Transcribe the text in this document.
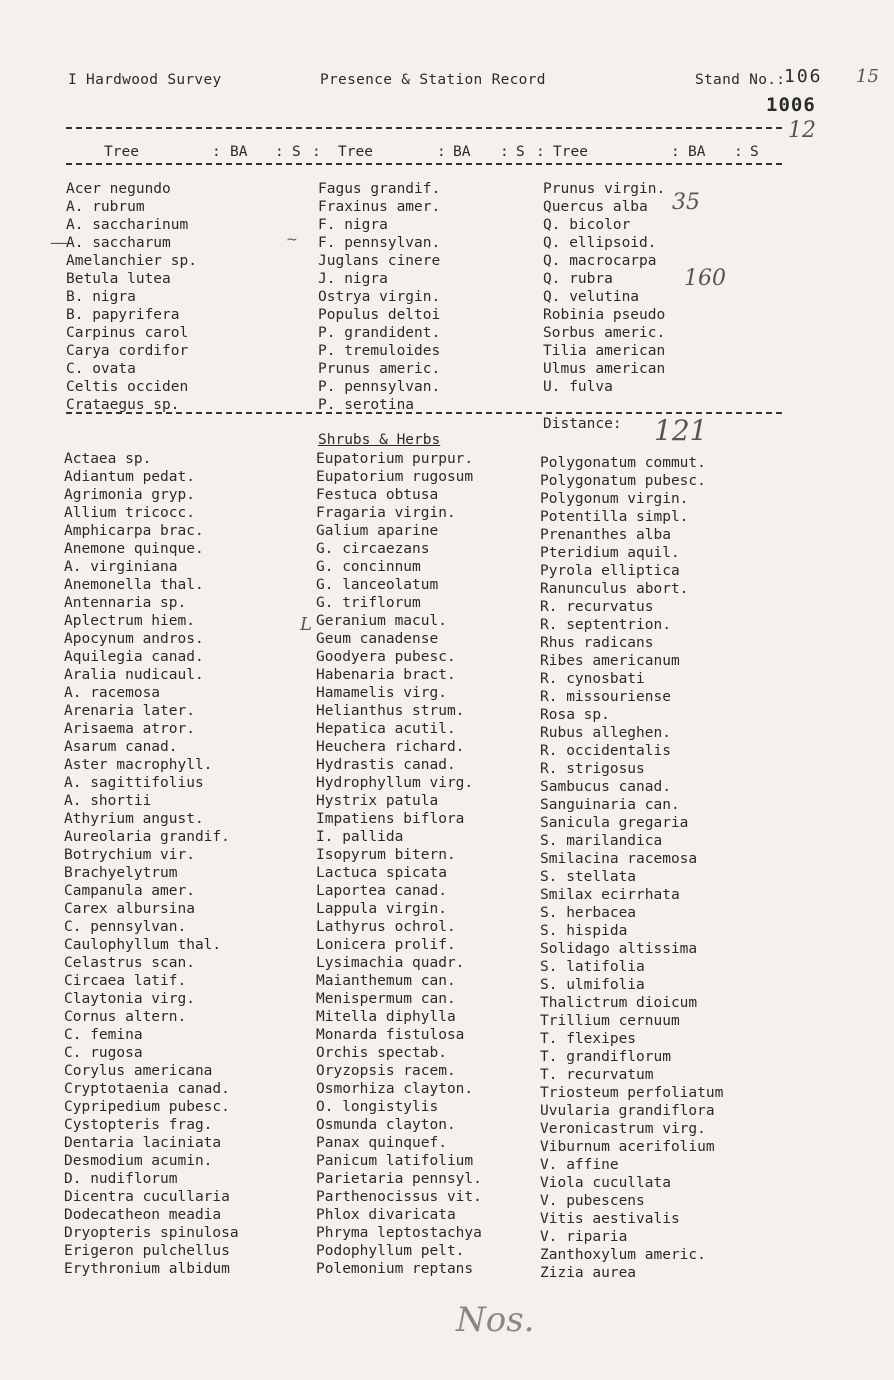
I Hardwood Survey	Presence & Station Record	Stand No.:
106 15
1006
12
Tree	: BA : S : Tree	: BA : S : Tree	: BA : S
Acer negundo
A. rubrum
A. saccharinum
A. saccharum
Amelanchier sp.
Betula lutea
B. nigra
B. papyrifera
Carpinus carol
Carya cordifor
C. ovata
Celtis occiden
Crataegus sp.
Fagus grandif.
Fraxinus amer.
F. nigra
F. pennsylvan.
Juglans cinere
J. nigra
Ostrya virgin.
Populus deltoi
P. grandident.
P. tremuloides
Prunus americ.
P. pennsylvan.
P. serotina
Prunus virgin.
Quercus alba
Q. bicolor
Q. ellipsoid.
Q. macrocarpa
Q. rubra
Q. velutina
Robinia pseudo
Sorbus americ.
Tilia american
Ulmus american
U. fulva
—	~
35
160
Distance: 121
Shrubs & Herbs
Actaea sp.
Adiantum pedat.
Agrimonia gryp.
Allium tricocc.
Amphicarpa brac.
Anemone quinque.
A. virginiana
Anemonella thal.
Antennaria sp.
Aplectrum hiem.
Apocynum andros.
Aquilegia canad.
Aralia nudicaul.
A. racemosa
Arenaria later.
Arisaema atror.
Asarum canad.
Aster macrophyll.
A. sagittifolius
A. shortii
Athyrium angust.
Aureolaria grandif.
Botrychium vir.
Brachyelytrum
Campanula amer.
Carex albursina
C. pennsylvan.
Caulophyllum thal.
Celastrus scan.
Circaea latif.
Claytonia virg.
Cornus altern.
C. femina
C. rugosa
Corylus americana
Cryptotaenia canad.
Cypripedium pubesc.
Cystopteris frag.
Dentaria laciniata
Desmodium acumin.
D. nudiflorum
Dicentra cucullaria
Dodecatheon meadia
Dryopteris spinulosa
Erigeron pulchellus
Erythronium albidum
Eupatorium purpur.
Eupatorium rugosum
Festuca obtusa
Fragaria virgin.
Galium aparine
G. circaezans
G. concinnum
G. lanceolatum
G. triflorum
Geranium macul.
Geum canadense
Goodyera pubesc.
Habenaria bract.
Hamamelis virg.
Helianthus strum.
Hepatica acutil.
Heuchera richard.
Hydrastis canad.
Hydrophyllum virg.
Hystrix patula
Impatiens biflora
I. pallida
Isopyrum bitern.
Lactuca spicata
Laportea canad.
Lappula virgin.
Lathyrus ochrol.
Lonicera prolif.
Lysimachia quadr.
Maianthemum can.
Menispermum can.
Mitella diphylla
Monarda fistulosa
Orchis spectab.
Oryzopsis racem.
Osmorhiza clayton.
O. longistylis
Osmunda clayton.
Panax quinquef.
Panicum latifolium
Parietaria pennsyl.
Parthenocissus vit.
Phlox divaricata
Phryma leptostachya
Podophyllum pelt.
Polemonium reptans
Polygonatum commut.
Polygonatum pubesc.
Polygonum virgin.
Potentilla simpl.
Prenanthes alba
Pteridium aquil.
Pyrola elliptica
Ranunculus abort.
R. recurvatus
R. septentrion.
Rhus radicans
Ribes americanum
R. cynosbati
R. missouriense
Rosa sp.
Rubus alleghen.
R. occidentalis
R. strigosus
Sambucus canad.
Sanguinaria can.
Sanicula gregaria
S. marilandica
Smilacina racemosa
S. stellata
Smilax ecirrhata
S. herbacea
S. hispida
Solidago altissima
S. latifolia
S. ulmifolia
Thalictrum dioicum
Trillium cernuum
T. flexipes
T. grandiflorum
T. recurvatum
Triosteum perfoliatum
Uvularia grandiflora
Veronicastrum virg.
Viburnum acerifolium
V. affine
Viola cucullata
V. pubescens
Vitis aestivalis
V. riparia
Zanthoxylum americ.
Zizia aurea
L
Nos.
